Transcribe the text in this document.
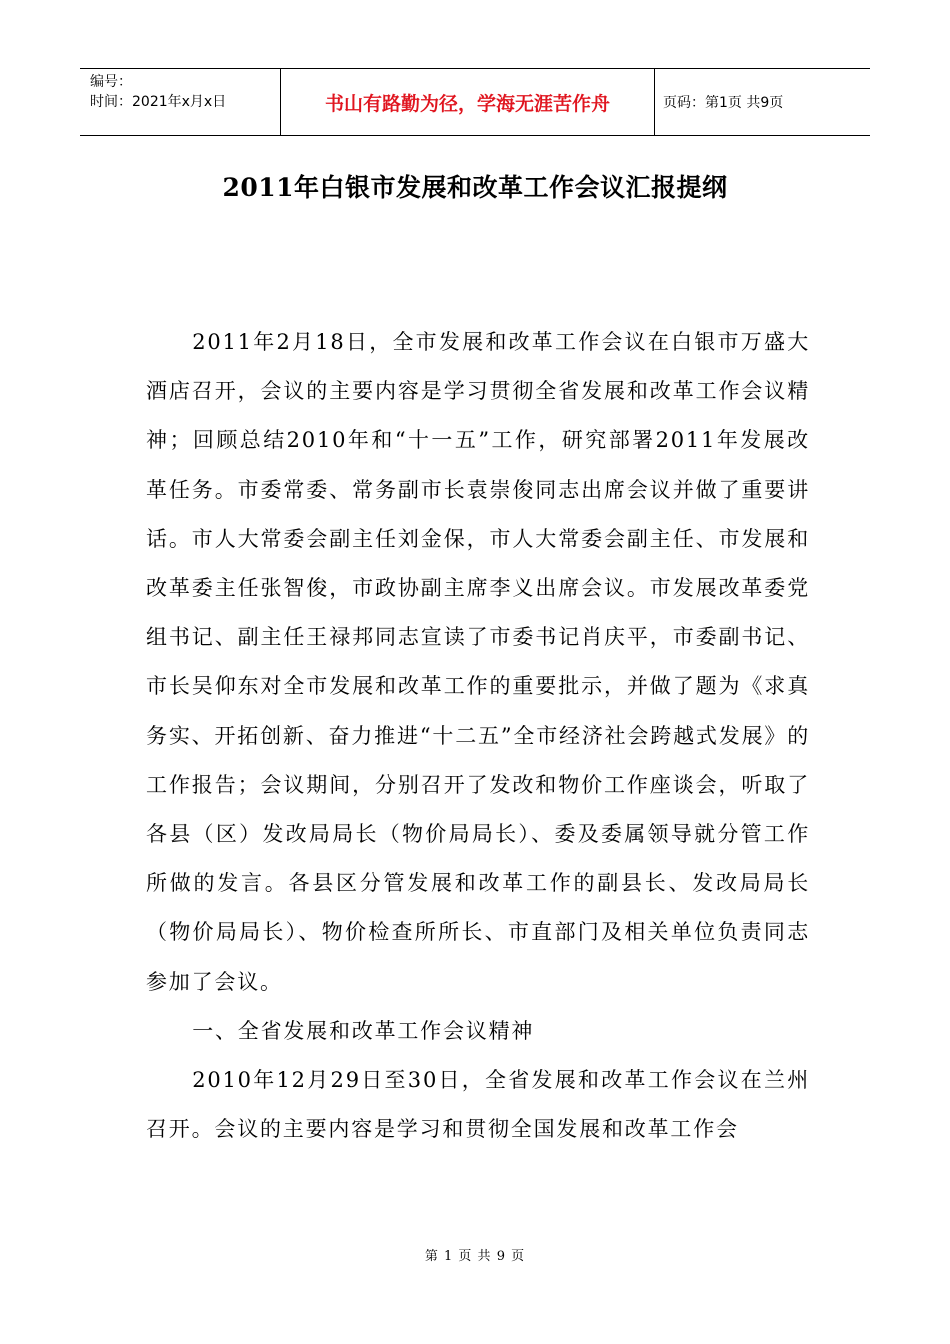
编号：
时间：2021年x月x日	书山有路勤为径，学海无涯苦作舟	页码：第1页 共9页
2011年白银市发展和改革工作会议汇报提纲

2011年2月18日，全市发展和改革工作会议在白银市万盛大酒店召开，会议的主要内容是学习贯彻全省发展和改革工作会议精神；回顾总结2010年和“十一五”工作，研究部署2011年发展改革任务。市委常委、常务副市长袁崇俊同志出席会议并做了重要讲话。市人大常委会副主任刘金保，市人大常委会副主任、市发展和改革委主任张智俊，市政协副主席李义出席会议。市发展改革委党组书记、副主任王禄邦同志宣读了市委书记肖庆平，市委副书记、市长吴仰东对全市发展和改革工作的重要批示，并做了题为《求真务实、开拓创新、奋力推进“十二五”全市经济社会跨越式发展》的工作报告；会议期间，分别召开了发改和物价工作座谈会，听取了各县（区）发改局局长（物价局局长）、委及委属领导就分管工作所做的发言。各县区分管发展和改革工作的副县长、发改局局长（物价局局长）、物价检查所所长、市直部门及相关单位负责同志参加了会议。

一、全省发展和改革工作会议精神

2010年12月29日至30日，全省发展和改革工作会议在兰州召开。会议的主要内容是学习和贯彻全国发展和改革工作会

第 1 页 共 9 页
